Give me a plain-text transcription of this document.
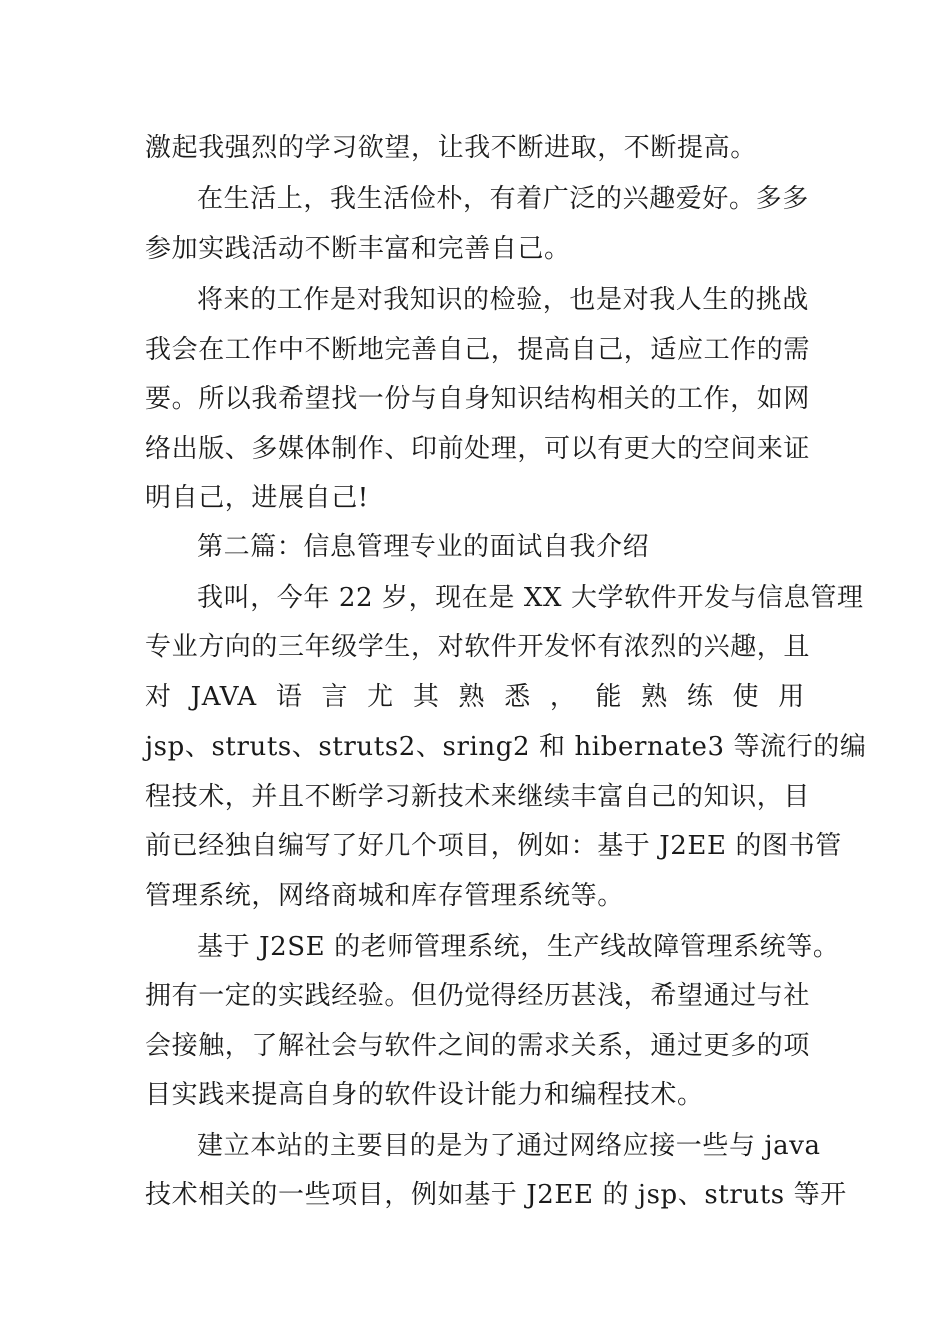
激起我强烈的学习欲望，让我不断进取，不断提高。
在生活上，我生活俭朴，有着广泛的兴趣爱好。多多
参加实践活动不断丰富和完善自己。
将来的工作是对我知识的检验，也是对我人生的挑战
我会在工作中不断地完善自己，提高自己，适应工作的需
要。所以我希望找一份与自身知识结构相关的工作，如网
络出版、多媒体制作、印前处理，可以有更大的空间来证
明自己，进展自己!
第二篇：信息管理专业的面试自我介绍
我叫，今年 22 岁，现在是 XX 大学软件开发与信息管理
专业方向的三年级学生，对软件开发怀有浓烈的兴趣，且
对 JAVA 语 言 尤 其 熟 悉 ， 能 熟 练 使 用
jsp、struts、struts2、sring2 和 hibernate3 等流行的编
程技术，并且不断学习新技术来继续丰富自己的知识，目
前已经独自编写了好几个项目，例如：基于 J2EE 的图书管
管理系统，网络商城和库存管理系统等。
基于 J2SE 的老师管理系统，生产线故障管理系统等。
拥有一定的实践经验。但仍觉得经历甚浅，希望通过与社
会接触，了解社会与软件之间的需求关系，通过更多的项
目实践来提高自身的软件设计能力和编程技术。
建立本站的主要目的是为了通过网络应接一些与 java
技术相关的一些项目，例如基于 J2EE 的 jsp、struts 等开
